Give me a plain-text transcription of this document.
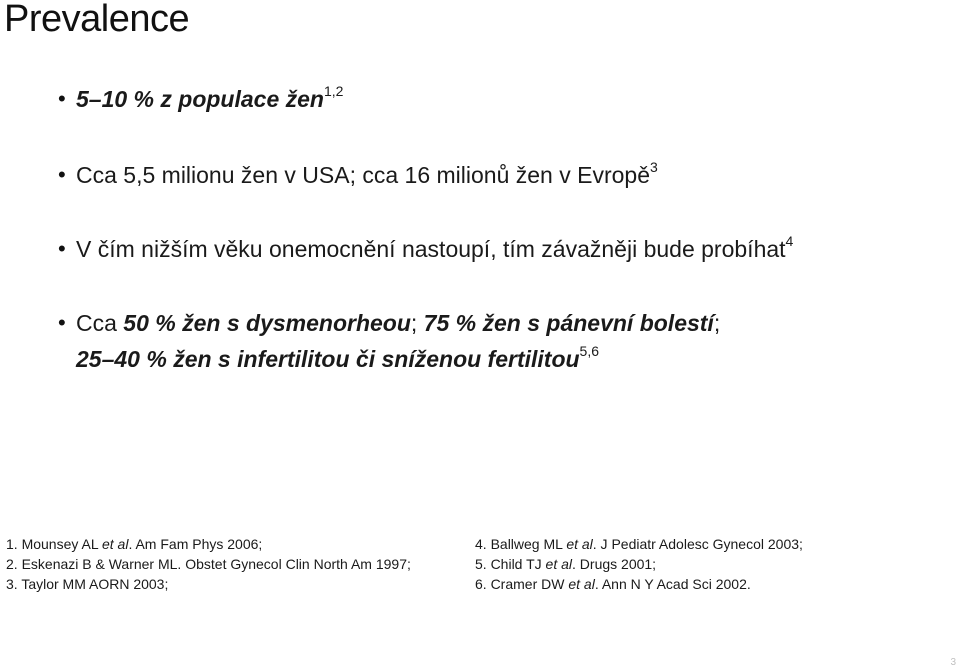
Prevalence
• 5–10 % z populace žen$^{1,2}$
• Cca 5,5 milionu žen v USA; cca 16 milionů žen v Evropě$^3$
• V čím nižším věku onemocnění nastoupí, tím závažněji bude probíhat$^4$
• Cca 50 % žen s dysmenorheou; 75 % žen s pánevní bolestí;
25–40 % žen s infertilitou či sníženou fertilitou$^{5,6}$
1. Mounsey AL et al. Am Fam Phys 2006;
2. Eskenazi B & Warner ML. Obstet Gynecol Clin North Am 1997;
3. Taylor MM AORN 2003;
4. Ballweg ML et al. J Pediatr Adolesc Gynecol 2003;
5. Child TJ et al. Drugs 2001;
6. Cramer DW et al. Ann N Y Acad Sci 2002.
3
